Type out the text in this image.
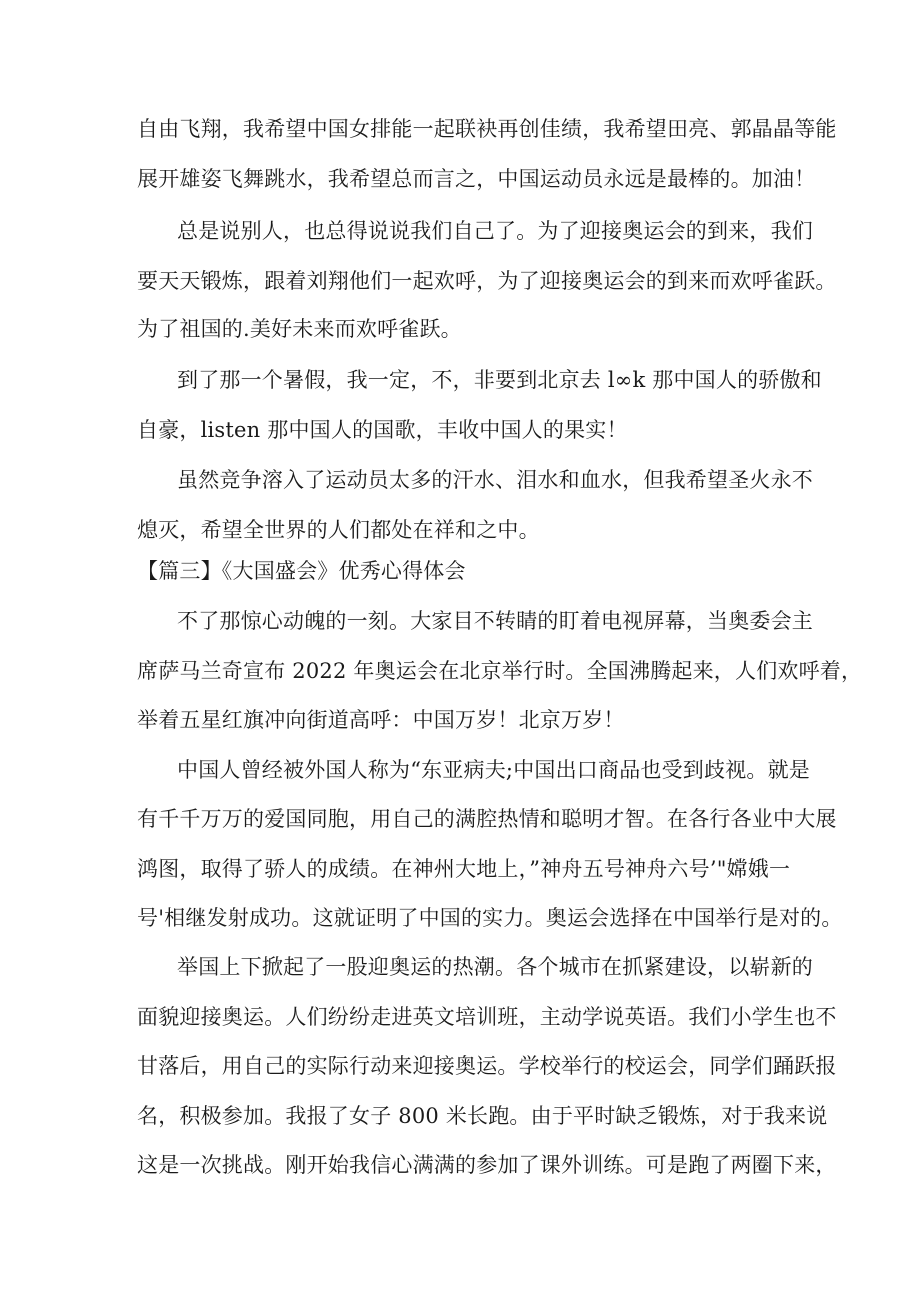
自由飞翔，我希望中国女排能一起联袂再创佳绩，我希望田亮、郭晶晶等能
展开雄姿飞舞跳水，我希望总而言之，中国运动员永远是最棒的。加油！
总是说别人，也总得说说我们自己了。为了迎接奥运会的到来，我们
要天天锻炼，跟着刘翔他们一起欢呼，为了迎接奥运会的到来而欢呼雀跃。
为了祖国的.美好未来而欢呼雀跃。
到了那一个暑假，我一定，不，非要到北京去 l∞k 那中国人的骄傲和
自豪，listen 那中国人的国歌，丰收中国人的果实！
虽然竞争溶入了运动员太多的汗水、泪水和血水，但我希望圣火永不
熄灭，希望全世界的人们都处在祥和之中。
【篇三】《大国盛会》优秀心得体会
不了那惊心动魄的一刻。大家目不转睛的盯着电视屏幕，当奥委会主
席萨马兰奇宣布 2022 年奥运会在北京举行时。全国沸腾起来，人们欢呼着，
举着五星红旗冲向街道高呼：中国万岁！北京万岁！
中国人曾经被外国人称为“东亚病夫;中国出口商品也受到歧视。就是
有千千万万的爱国同胞，用自己的满腔热情和聪明才智。在各行各业中大展
鸿图，取得了骄人的成绩。在神州大地上，”神舟五号神舟六号’"嫦娥一
号'相继发射成功。这就证明了中国的实力。奥运会选择在中国举行是对的。
举国上下掀起了一股迎奥运的热潮。各个城市在抓紧建设，以崭新的
面貌迎接奥运。人们纷纷走进英文培训班，主动学说英语。我们小学生也不
甘落后，用自己的实际行动来迎接奥运。学校举行的校运会，同学们踊跃报
名，积极参加。我报了女子 800 米长跑。由于平时缺乏锻炼，对于我来说
这是一次挑战。刚开始我信心满满的参加了课外训练。可是跑了两圈下来，
